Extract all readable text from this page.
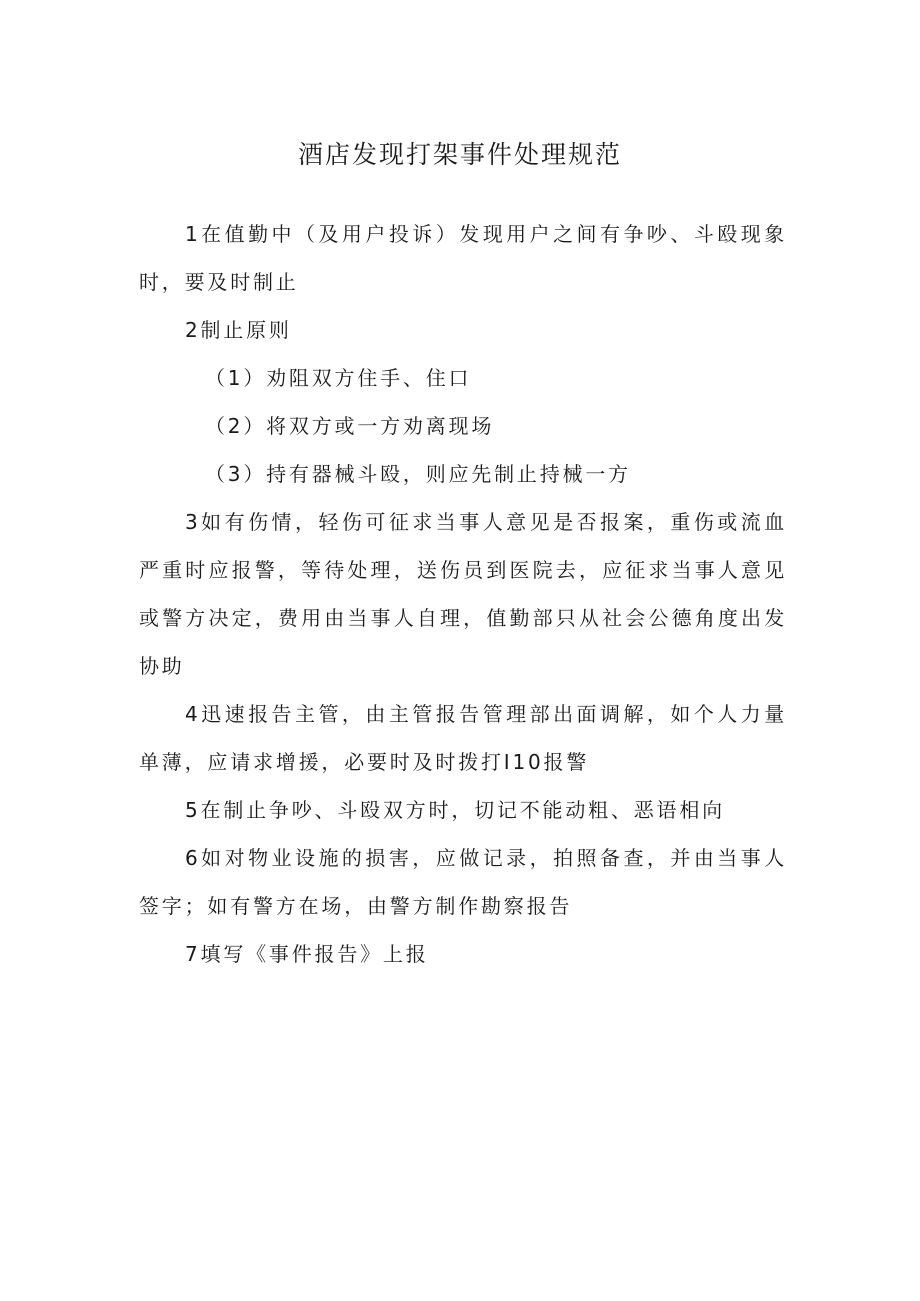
酒店发现打架事件处理规范

1在值勤中（及用户投诉）发现用户之间有争吵、斗殴现象时，要及时制止

2制止原则

（1）劝阻双方住手、住口

（2）将双方或一方劝离现场

（3）持有器械斗殴，则应先制止持械一方

3如有伤情，轻伤可征求当事人意见是否报案，重伤或流血严重时应报警，等待处理，送伤员到医院去，应征求当事人意见或警方决定，费用由当事人自理，值勤部只从社会公德角度出发协助

4迅速报告主管，由主管报告管理部出面调解，如个人力量单薄，应请求增援，必要时及时拨打I10报警

5在制止争吵、斗殴双方时，切记不能动粗、恶语相向

6如对物业设施的损害，应做记录，拍照备查，并由当事人签字；如有警方在场，由警方制作勘察报告

7填写《事件报告》上报
